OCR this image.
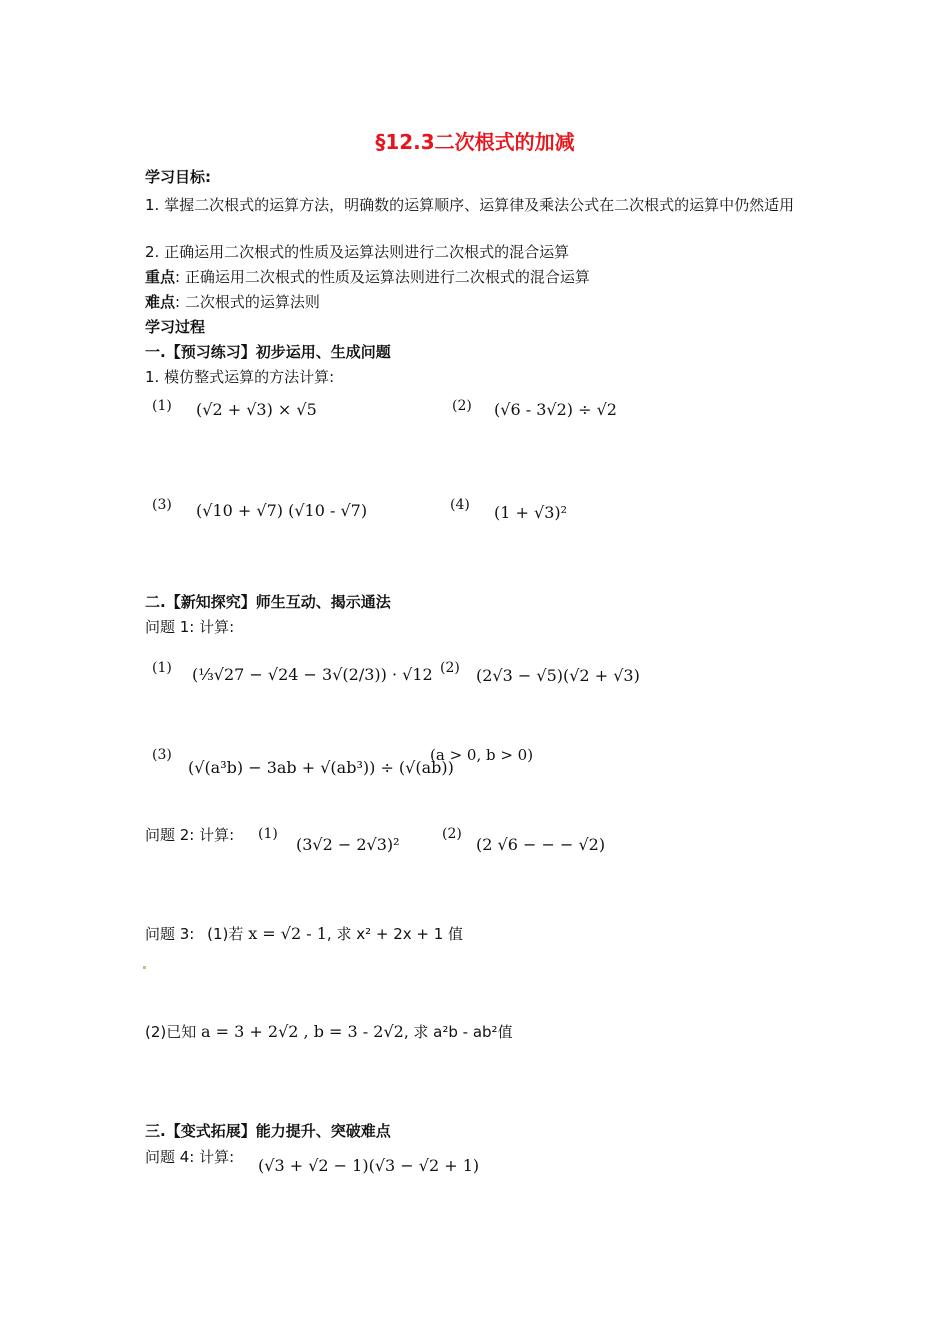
§12.3二次根式的加减
学习目标:
1. 掌握二次根式的运算方法，明确数的运算顺序、运算律及乘法公式在二次根式的运算中仍然适用
2. 正确运用二次根式的性质及运算法则进行二次根式的混合运算
重点: 正确运用二次根式的性质及运算法则进行二次根式的混合运算
难点: 二次根式的运算法则
学习过程
一.【预习练习】初步运用、生成问题
1. 模仿整式运算的方法计算:
(1) (√2 + √3) × √5	(2) (√6 - 3√2) ÷ √2
(3) (√10 + √7) (√10 - √7)	(4) (1 + √3)²
二.【新知探究】师生互动、揭示通法
问题 1: 计算:
(1) (⅓√27 − √24 − 3√(2/3)) · √12 (2) (2√3 − √5)(√2 + √3)
(3)
(√(a³b) − 3ab + √(ab³)) ÷ (√(ab))
(a > 0, b > 0)
问题 2: 计算: (1)
(3√2 − 2√3)²
(2)
(2 √6 − − − √2)
问题 3: (1)若 x = √2 - 1, 求 x² + 2x + 1 值
(2)已知 a = 3 + 2√2 , b = 3 - 2√2, 求 a²b - ab²值
三.【变式拓展】能力提升、突破难点
问题 4: 计算: (√3 + √2 − 1)(√3 − √2 + 1)
